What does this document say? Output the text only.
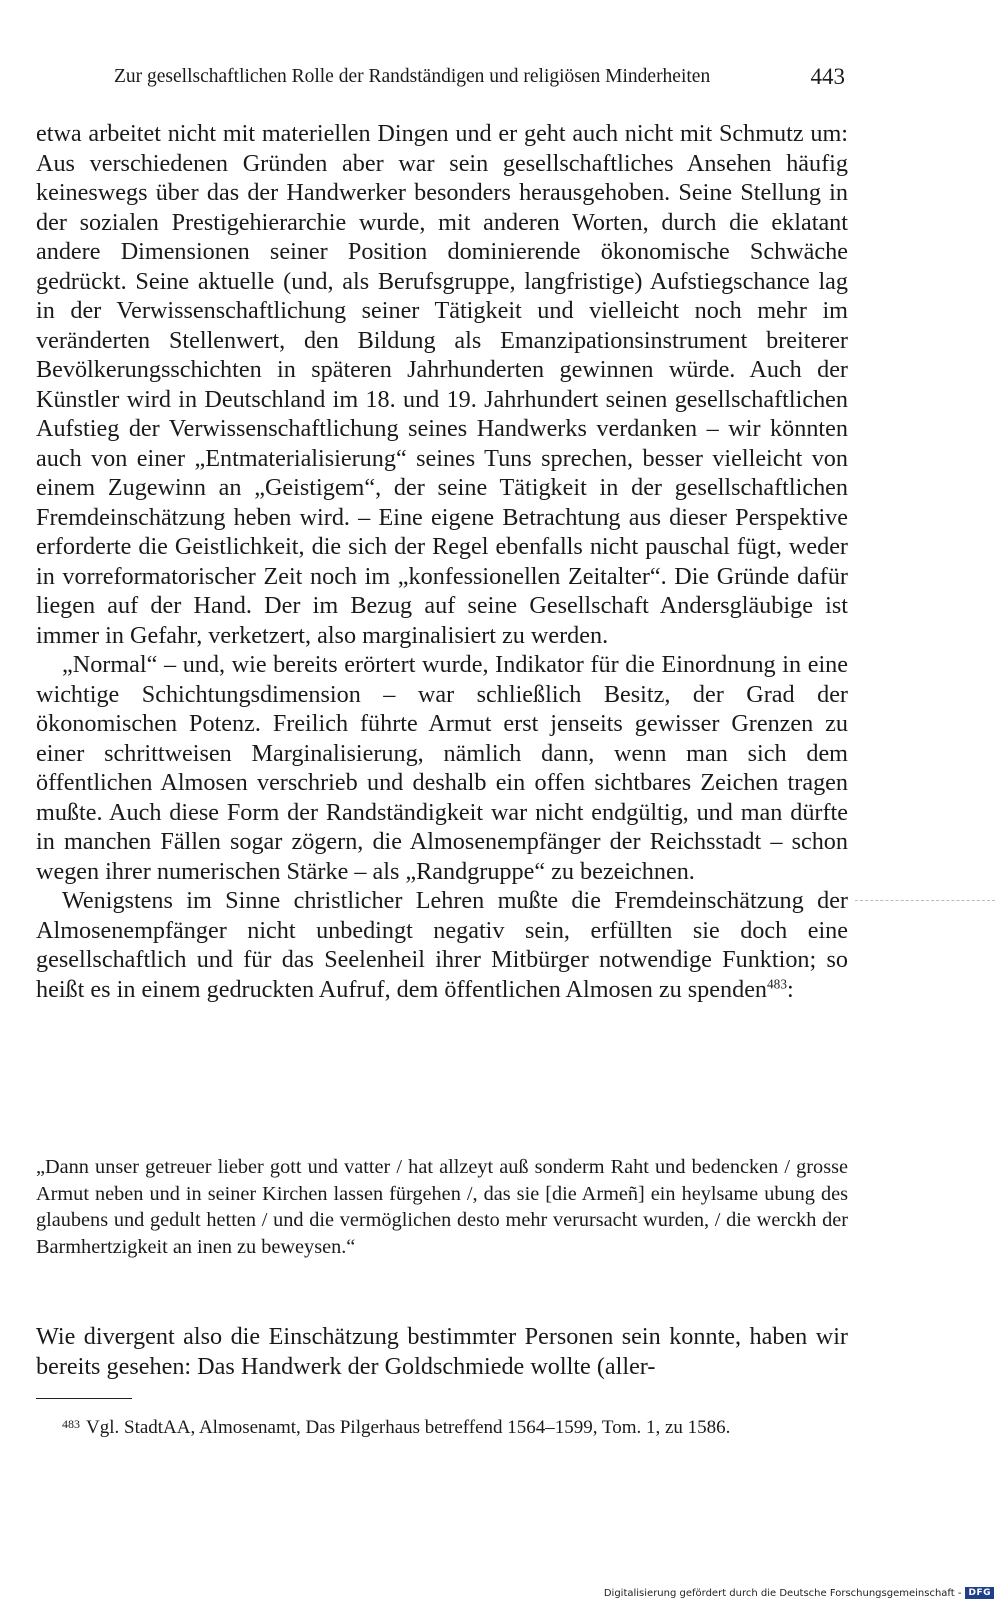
Zur gesellschaftlichen Rolle der Randständigen und religiösen Minderheiten	443

etwa arbeitet nicht mit materiellen Dingen und er geht auch nicht mit Schmutz um: Aus verschiedenen Gründen aber war sein gesellschaftliches Ansehen häufig keineswegs über das der Handwerker besonders herausgehoben. Seine Stellung in der sozialen Prestigehierarchie wurde, mit anderen Worten, durch die eklatant andere Dimensionen seiner Position dominierende ökonomische Schwäche gedrückt. Seine aktuelle (und, als Berufsgruppe, langfristige) Aufstiegschance lag in der Verwissenschaftlichung seiner Tätigkeit und vielleicht noch mehr im veränderten Stellenwert, den Bildung als Emanzipationsinstrument breiterer Bevölkerungsschichten in späteren Jahrhunderten gewinnen würde. Auch der Künstler wird in Deutschland im 18. und 19. Jahrhundert seinen gesellschaftlichen Aufstieg der Verwissenschaftlichung seines Handwerks verdanken – wir könnten auch von einer „Entmaterialisierung“ seines Tuns sprechen, besser vielleicht von einem Zugewinn an „Geistigem“, der seine Tätigkeit in der gesellschaftlichen Fremdeinschätzung heben wird. – Eine eigene Betrachtung aus dieser Perspektive erforderte die Geistlichkeit, die sich der Regel ebenfalls nicht pauschal fügt, weder in vorreformatorischer Zeit noch im „konfessionellen Zeitalter“. Die Gründe dafür liegen auf der Hand. Der im Bezug auf seine Gesellschaft Andersgläubige ist immer in Gefahr, verketzert, also marginalisiert zu werden.

„Normal“ – und, wie bereits erörtert wurde, Indikator für die Einordnung in eine wichtige Schichtungsdimension – war schließlich Besitz, der Grad der ökonomischen Potenz. Freilich führte Armut erst jenseits gewisser Grenzen zu einer schrittweisen Marginalisierung, nämlich dann, wenn man sich dem öffentlichen Almosen verschrieb und deshalb ein offen sichtbares Zeichen tragen mußte. Auch diese Form der Randständigkeit war nicht endgültig, und man dürfte in manchen Fällen sogar zögern, die Almosenempfänger der Reichsstadt – schon wegen ihrer numerischen Stärke – als „Randgruppe“ zu bezeichnen.

Wenigstens im Sinne christlicher Lehren mußte die Fremdeinschätzung der Almosenempfänger nicht unbedingt negativ sein, erfüllten sie doch eine gesellschaftlich und für das Seelenheil ihrer Mitbürger notwendige Funktion; so heißt es in einem gedruckten Aufruf, dem öffentlichen Almosen zu spenden$^{483}$:

„Dann unser getreuer lieber gott und vatter / hat allzeyt auß sonderm Raht und bedencken / grosse Armut neben und in seiner Kirchen lassen fürgehen /, das sie [die Armeñ] ein heylsame ubung des glaubens und gedult hetten / und die vermöglichen desto mehr verursacht wurden, / die werckh der Barmhertzigkeit an inen zu beweysen.“

Wie divergent also die Einschätzung bestimmter Personen sein konnte, haben wir bereits gesehen: Das Handwerk der Goldschmiede wollte (aller-

$^{483}$ Vgl. StadtAA, Almosenamt, Das Pilgerhaus betreffend 1564–1599, Tom. 1, zu 1586.
Digitalisierung gefördert durch die Deutsche Forschungsgemeinschaft - DFG
